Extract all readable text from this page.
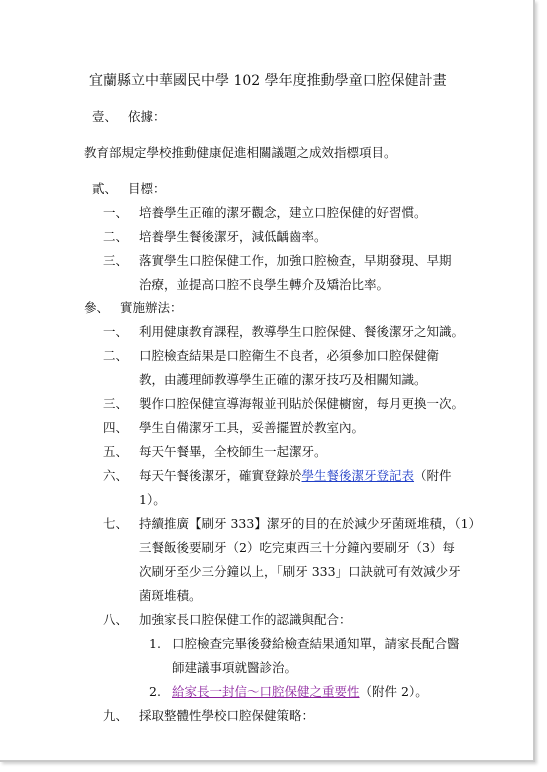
宜蘭縣立中華國民中學 102 學年度推動學童口腔保健計畫
壹、 依據：
教育部規定學校推動健康促進相關議題之成效指標項目。
貳、 目標：
一、 培養學生正確的潔牙觀念，建立口腔保健的好習慣。
二、 培養學生餐後潔牙，減低齲齒率。
三、 落實學生口腔保健工作，加強口腔檢查，早期發現、早期
治療，並提高口腔不良學生轉介及矯治比率。
參、 實施辦法：
一、 利用健康教育課程，教導學生口腔保健、餐後潔牙之知識。
二、 口腔檢查結果是口腔衛生不良者，必須參加口腔保健衛
教，由護理師教導學生正確的潔牙技巧及相關知識。
三、 製作口腔保健宣導海報並刊貼於保健櫥窗，每月更換一次。
四、 學生自備潔牙工具，妥善擺置於教室內。
五、 每天午餐畢，全校師生一起潔牙。
六、 每天午餐後潔牙，確實登錄於學生餐後潔牙登記表（附件
1）。
七、 持續推廣【刷牙 333】潔牙的目的在於減少牙菌斑堆積，（1）
三餐飯後要刷牙（2）吃完東西三十分鐘內要刷牙（3）每
次刷牙至少三分鐘以上，「刷牙 333」口訣就可有效減少牙
菌斑堆積。
八、 加強家長口腔保健工作的認識與配合：
1. 口腔檢查完畢後發給檢查結果通知單，請家長配合醫
師建議事項就醫診治。
2. 給家長一封信～口腔保健之重要性（附件 2）。
九、 採取整體性學校口腔保健策略：
